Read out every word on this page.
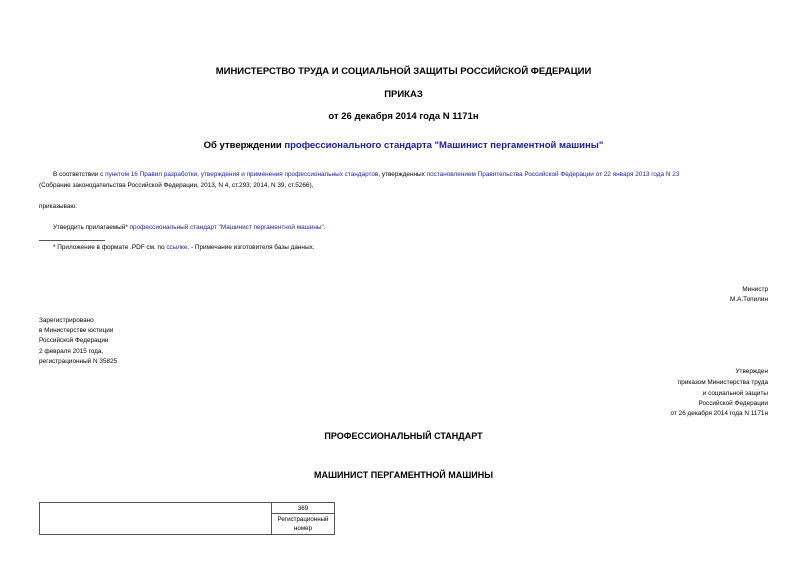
МИНИСТЕРСТВО ТРУДА И СОЦИАЛЬНОЙ ЗАЩИТЫ РОССИЙСКОЙ ФЕДЕРАЦИИ
ПРИКАЗ
от 26 декабря 2014 года N 1171н
Об утверждении профессионального стандарта "Машинист пергаментной машины"
В соответствии с пунктом 16 Правил разработки, утверждения и применения профессиональных стандартов, утвержденных постановлением Правительства Российской Федерации от 22 января 2013 года N 23
(Собрание законодательства Российской Федерации, 2013, N 4, ст.293; 2014, N 39, ст.5266),
приказываю:
Утвердить прилагаемый* профессиональный стандарт "Машинист пергаментной машины".
* Приложение в формате .PDF см. по ссылке. - Примечание изготовителя базы данных.
Министр
М.А.Топилин
Зарегистрировано
в Министерстве юстиции
Российской Федерации
2 февраля 2015 года,
регистрационный N 35825
Утвержден
приказом Министерства труда
и социальной защиты
Российской Федерации
от 26 декабря 2014 года N 1171н
ПРОФЕССИОНАЛЬНЫЙ СТАНДАРТ
МАШИНИСТ ПЕРГАМЕНТНОЙ МАШИНЫ
	369

Регистрационный
номер
